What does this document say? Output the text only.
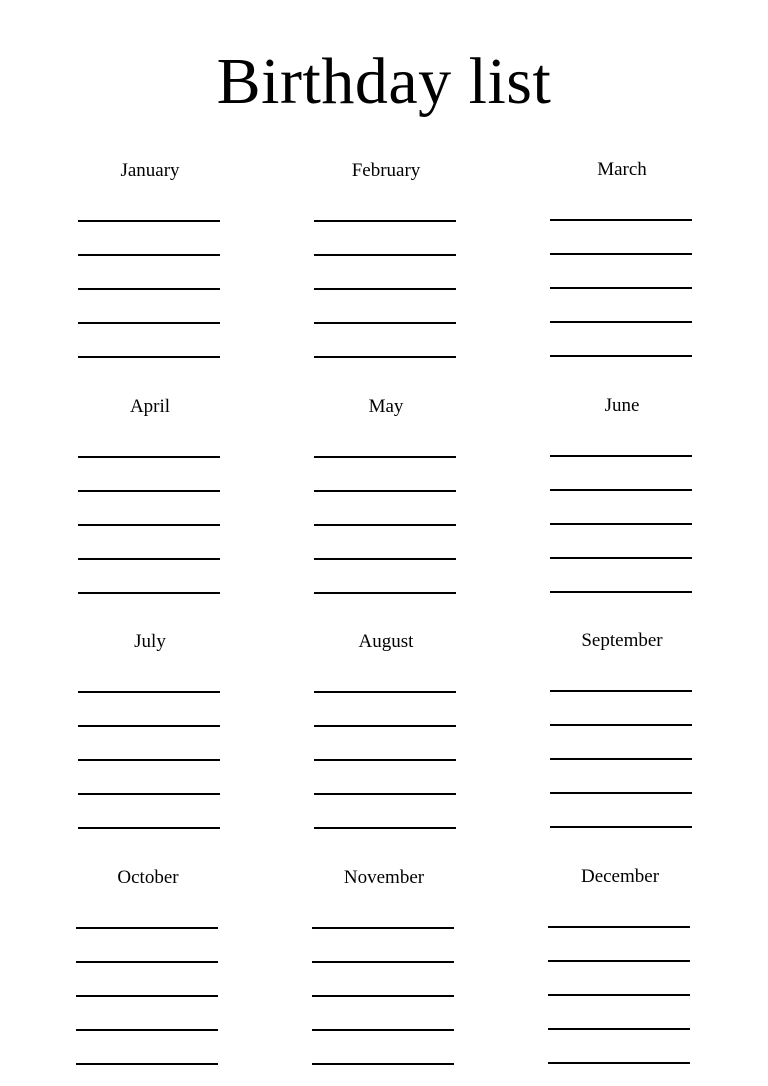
Birthday list
January	February	March
April	May	June
July	August	September
October	November	December
